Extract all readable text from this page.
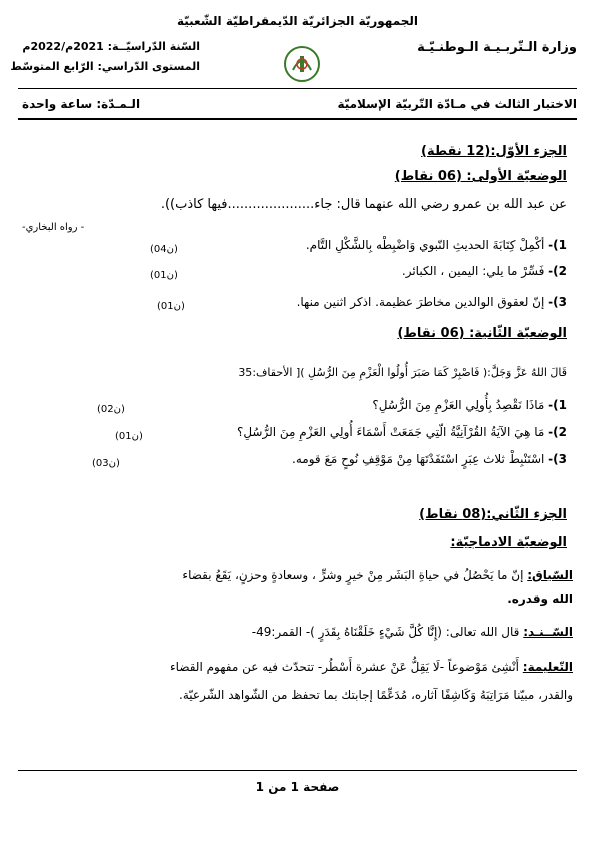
الجمهوريّة الجزائريّة الدّيمقراطيّة الشّعبيّة
وزارة الـتّربـيـة الـوطنـيّـة
السّنة الدّراسيّــة: 2021م/2022م
المستوى الدّراسي: الرّابع المتوسّط
الاختبار الثالث في مـادّة التّربيّة الإسلاميّة
الـمـدّة: ساعة واحدة
الجزء الأوّل:(12 نقطة)
الوضعيّة الأولى: (06 نقاط)
عن عبد الله بن عمرو رضي الله عنهما قال: جاء.....................فيها كاذب)).
- رواه البخاري-
1)- أكْمِلْ كِتَابَةَ الحديثِ النّبوي وَاضْبِطْه بِالشَّكْلِ التَّام.
(04ن)
2)- فَسِّرْ ما يلي: اليمين ، الكبائر.
(01ن)
3)- إنّ لعقوق الوالدين مخاطرَ عظيمة. اذكر اثنين منها.
(01ن)
الوضعيّة الثّانية: (06 نقاط)
قَالَ اللهُ عَزَّ وَجَلَّ:( فَاصْبِرْ كَمَا صَبَرَ أُولُوا الْعَزْمِ مِنَ الرُّسُلِ )[ الأحقاف:35
1)- مَاذَا نَقْصِدُ بِأُولِي العَزْمِ مِنَ الرُّسُلِ؟
(02ن)
2)- مَا هِيَ الآيَةُ القُرْآنِيَّةُ الّتِي جَمَعَتْ أَسْمَاءَ أُولِي العَزْمِ مِنَ الرُّسُلِ؟
(01ن)
3)- اسْتَنْبِطْ ثلاث عِبَرٍ اسْتَفَدْتَهَا مِنْ مَوْقِفِ نُوحٍ مَعَ قومه.
(03ن)
الجزء الثّاني:(08 نقاط)
الوضعيّة الادماجيّة:
السّياق: إنّ ما يَحْصُلُ في حياةِ البَشَر مِنْ خيرٍ وشرٍّ ، وسعادةٍ وحزنٍ، يَقَعُ بقضاء
الله وقدره.
السّــنـد: قال الله تعالى: (إِنَّا كُلَّ شَيْءٍ خَلَقْنَاهُ بِقَدَرٍ )- القمر:49-
التّعليمة: أَنْشِئ مَوْضوعاً -لَا يَقِلُّ عَنْ عشرة أَسْطُر- تتحدّث فيه عن مفهوم القضاء
والقدر، مبيّنا مَرَاتِبَهُ وَكَاشِفًا آثاره، مُدَعِّمًا إجابتك بما تحفظ من الشّواهد الشّرعيّة.
صفحة 1 من 1
